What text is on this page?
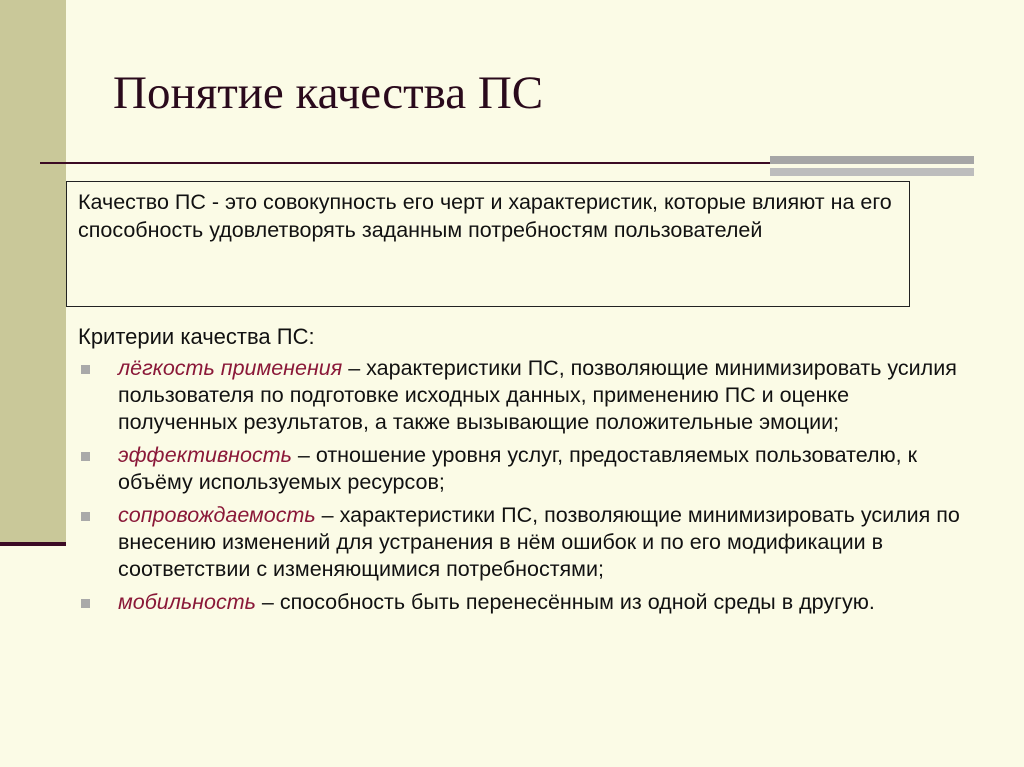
Понятие качества ПС
Качество ПС - это совокупность его черт и характеристик, которые влияют на его способность удовлетворять заданным потребностям пользователей
Критерии качества ПС:
лёгкость применения – характеристики ПС, позволяющие минимизировать усилия пользователя по подготовке исходных данных, применению ПС и оценке полученных результатов, а также вызывающие положительные эмоции;
эффективность – отношение уровня услуг, предоставляемых пользователю, к объёму используемых ресурсов;
сопровождаемость – характеристики ПС, позволяющие минимизировать усилия по внесению изменений для устранения в нём ошибок и по его модификации в соответствии с изменяющимися потребностями;
мобильность – способность быть перенесённым из одной среды в другую.
